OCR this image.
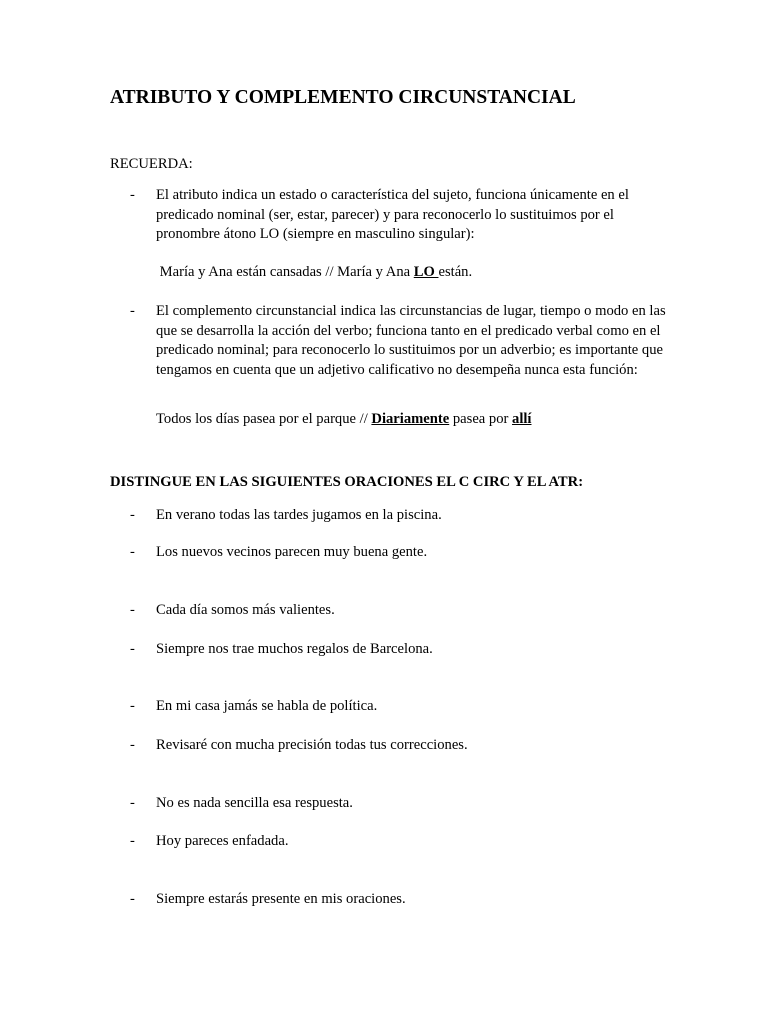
ATRIBUTO Y COMPLEMENTO CIRCUNSTANCIAL
RECUERDA:
- El atributo indica un estado o característica del sujeto, funciona únicamente en el predicado nominal (ser, estar, parecer) y para reconocerlo lo sustituimos por el pronombre átono LO (siempre en masculino singular):
María y Ana están cansadas // María y Ana LO están.
- El complemento circunstancial indica las circunstancias de lugar, tiempo o modo en las que se desarrolla la acción del verbo; funciona tanto en el predicado verbal como en el predicado nominal; para reconocerlo lo sustituimos por un adverbio; es importante que tengamos en cuenta que un adjetivo calificativo no desempeña nunca esta función:
Todos los días pasea por el parque // Diariamente pasea por allí
DISTINGUE EN LAS SIGUIENTES ORACIONES EL C CIRC Y EL ATR:
- En verano todas las tardes jugamos en la piscina.
- Los nuevos vecinos parecen muy buena gente.
- Cada día somos más valientes.
- Siempre nos trae muchos regalos de Barcelona.
- En mi casa jamás se habla de política.
- Revisaré con mucha precisión todas tus correcciones.
- No es nada sencilla esa respuesta.
- Hoy pareces enfadada.
- Siempre estarás presente en mis oraciones.
